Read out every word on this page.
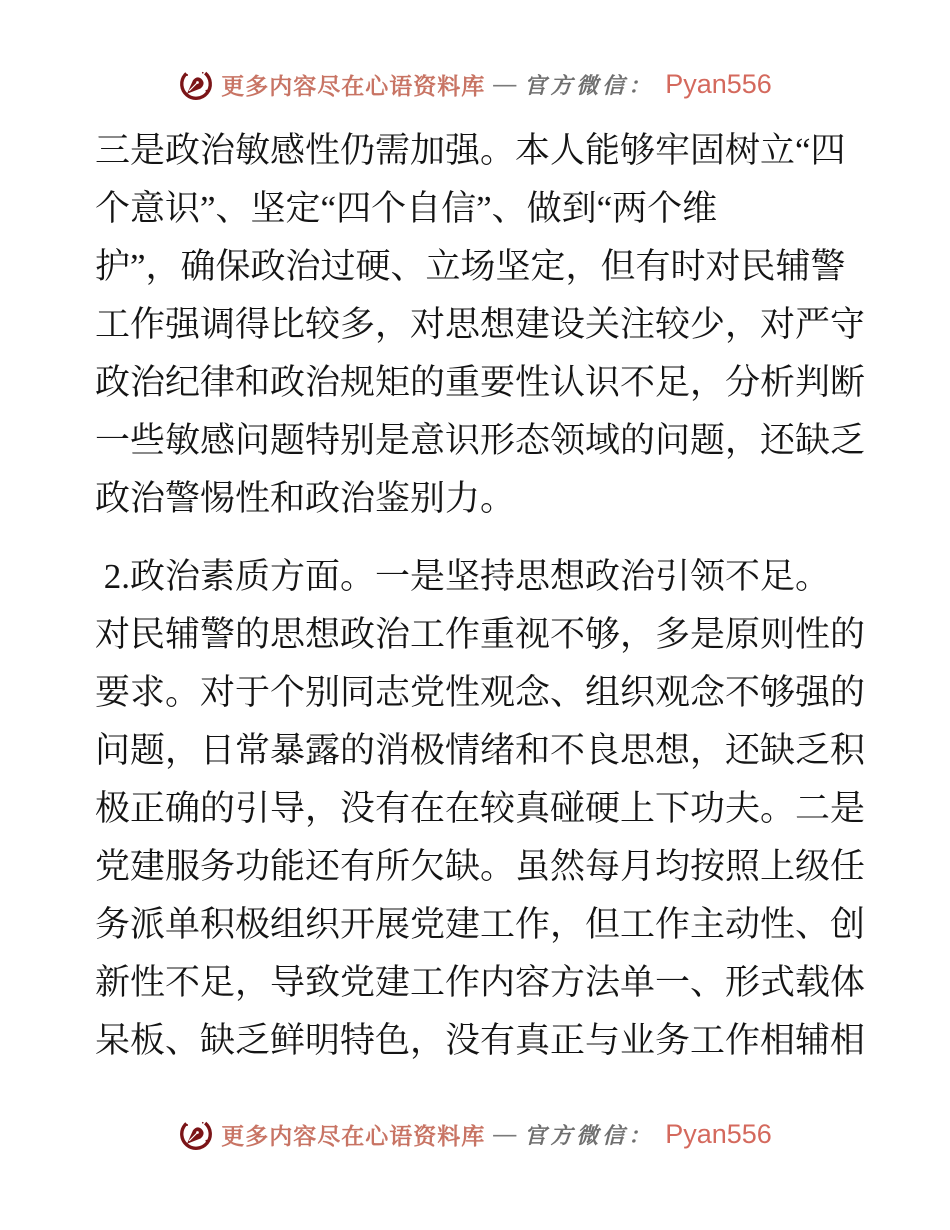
更多内容尽在心语资料库 — 官方微信： Pyan556
三是政治敏感性仍需加强。本人能够牢固树立“四
个意识”、坚定“四个自信”、做到“两个维
护”，确保政治过硬、立场坚定，但有时对民辅警
工作强调得比较多，对思想建设关注较少，对严守
政治纪律和政治规矩的重要性认识不足，分析判断
一些敏感问题特别是意识形态领域的问题，还缺乏
政治警惕性和政治鉴别力。
2.政治素质方面。一是坚持思想政治引领不足。
对民辅警的思想政治工作重视不够，多是原则性的
要求。对于个别同志党性观念、组织观念不够强的
问题，日常暴露的消极情绪和不良思想，还缺乏积
极正确的引导，没有在在较真碰硬上下功夫。二是
党建服务功能还有所欠缺。虽然每月均按照上级任
务派单积极组织开展党建工作，但工作主动性、创
新性不足，导致党建工作内容方法单一、形式载体
呆板、缺乏鲜明特色，没有真正与业务工作相辅相
更多内容尽在心语资料库 — 官方微信： Pyan556
